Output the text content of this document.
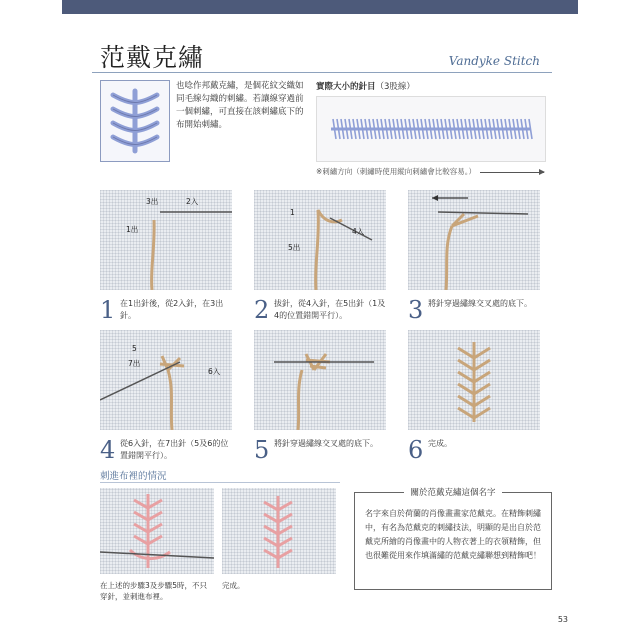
范戴克繡	Vandyke Stitch
也唸作邦戴克繡，是個花紋交織如同毛線勾織的刺繡。若讓線穿過前一個刺繡，可直接在該刺繡底下的布開始刺繡。
實際大小的針目（3股線）
※刺繡方向（刺繡時使用縱向刺繡會比較容易。）
3出	2入
1出
1
4入
5出
1 在1出針後，從2入針，在3出針。	2 拔針，從4入針，在5出針（1及4的位置錯開平行）。	3 將針穿過繡線交叉處的底下。
5
7出
6入
4 從6入針，在7出針（5及6的位置錯開平行）。	5 將針穿過繡線交叉處的底下。	6 完成。
刺進布裡的情況
在上述的步驟3及步驟5時，不只穿針，並刺進布裡。
完成。
關於范戴克繡這個名字
名字來自於荷蘭的肖像畫畫家范戴克。在精飾刺繡中，有名為范戴克的刺繡技法，明顯的是出自於范戴克所繪的肖像畫中的人物衣著上的衣領精飾，但也很難從用來作填滿繡的范戴克繡聯想到精飾吧！
53
